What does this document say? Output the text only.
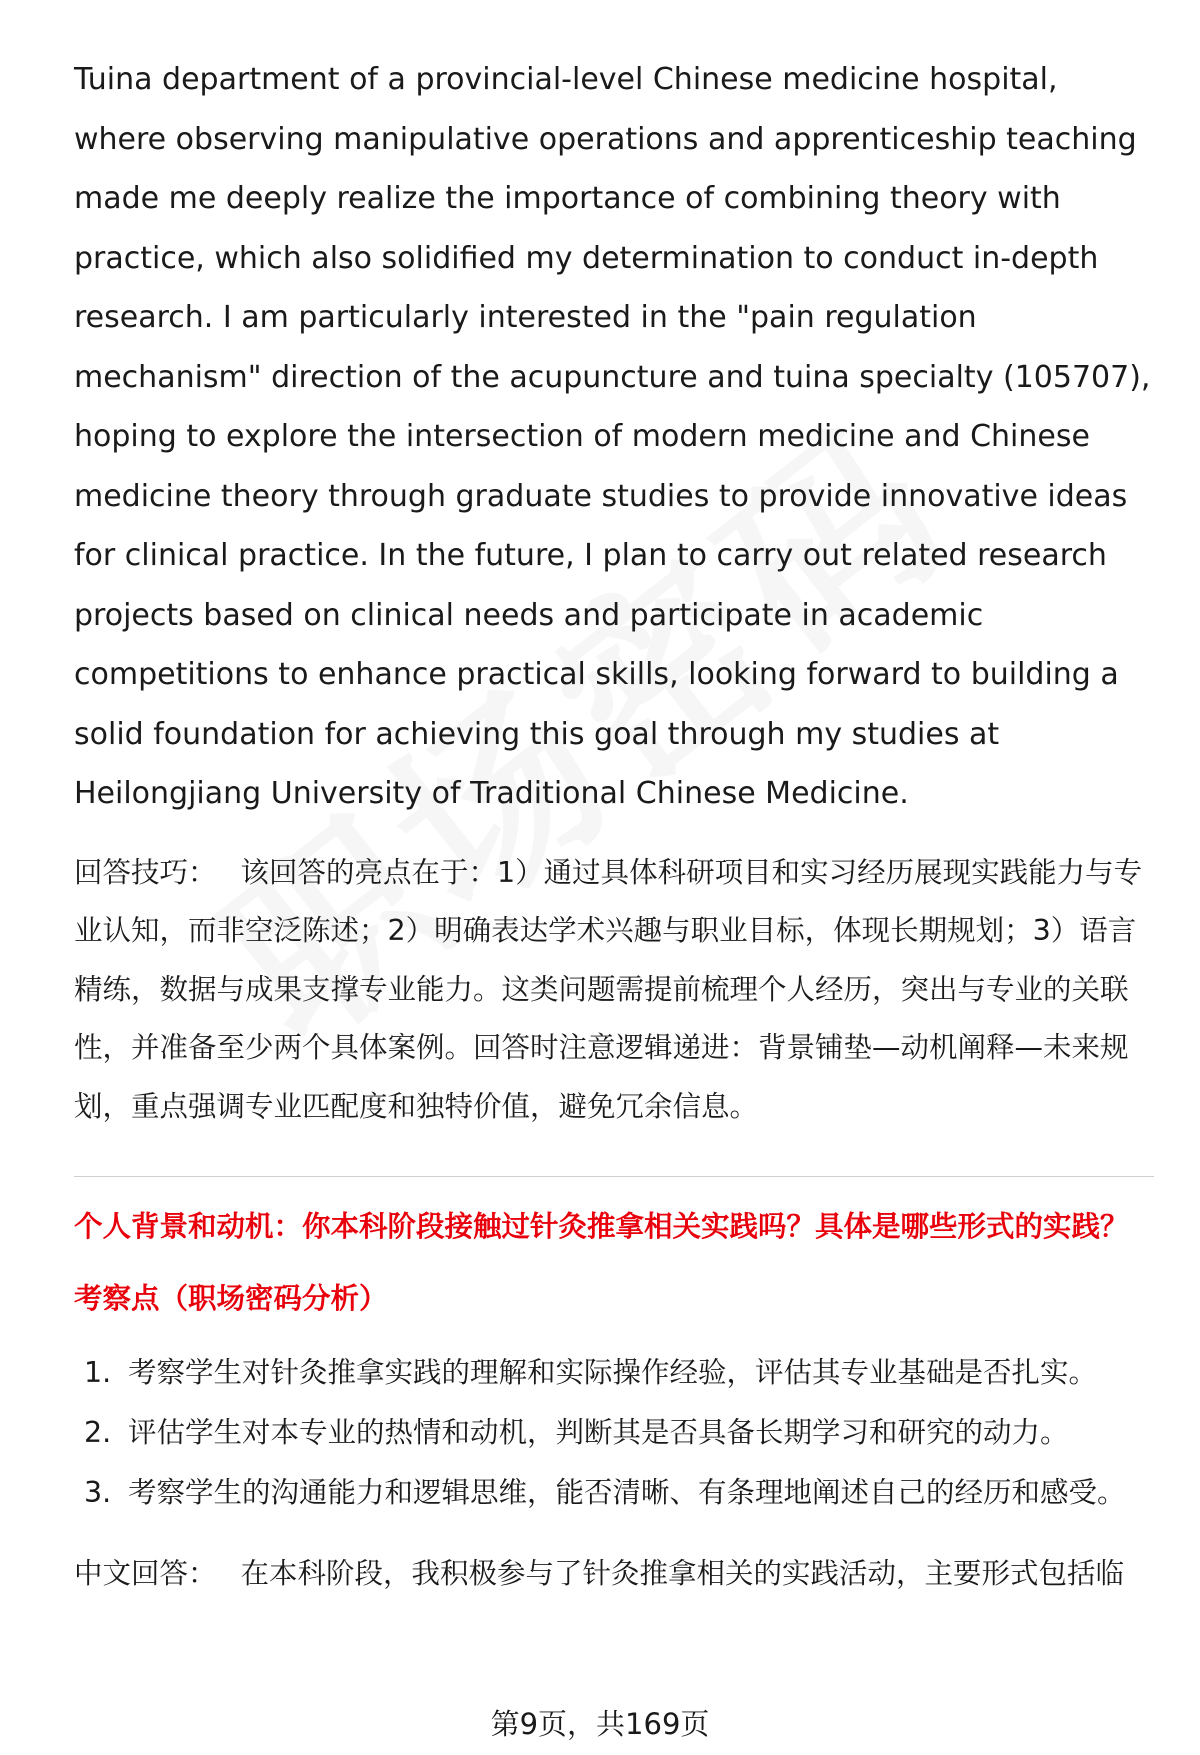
Tuina department of a provincial-level Chinese medicine hospital, where observing manipulative operations and apprenticeship teaching made me deeply realize the importance of combining theory with practice, which also solidified my determination to conduct in-depth research. I am particularly interested in the "pain regulation mechanism" direction of the acupuncture and tuina specialty (105707), hoping to explore the intersection of modern medicine and Chinese medicine theory through graduate studies to provide innovative ideas for clinical practice. In the future, I plan to carry out related research projects based on clinical needs and participate in academic competitions to enhance practical skills, looking forward to building a solid foundation for achieving this goal through my studies at Heilongjiang University of Traditional Chinese Medicine.

回答技巧： 该回答的亮点在于：1）通过具体科研项目和实习经历展现实践能力与专业认知，而非空泛陈述；2）明确表达学术兴趣与职业目标，体现长期规划；3）语言精练，数据与成果支撑专业能力。这类问题需提前梳理个人经历，突出与专业的关联性，并准备至少两个具体案例。回答时注意逻辑递进：背景铺垫—动机阐释—未来规划，重点强调专业匹配度和独特价值，避免冗余信息。

个人背景和动机：你本科阶段接触过针灸推拿相关实践吗？具体是哪些形式的实践？

考察点（职场密码分析）

1. 考察学生对针灸推拿实践的理解和实际操作经验，评估其专业基础是否扎实。
2. 评估学生对本专业的热情和动机，判断其是否具备长期学习和研究的动力。
3. 考察学生的沟通能力和逻辑思维，能否清晰、有条理地阐述自己的经历和感受。

中文回答： 在本科阶段，我积极参与了针灸推拿相关的实践活动，主要形式包括临

第9页，共169页
